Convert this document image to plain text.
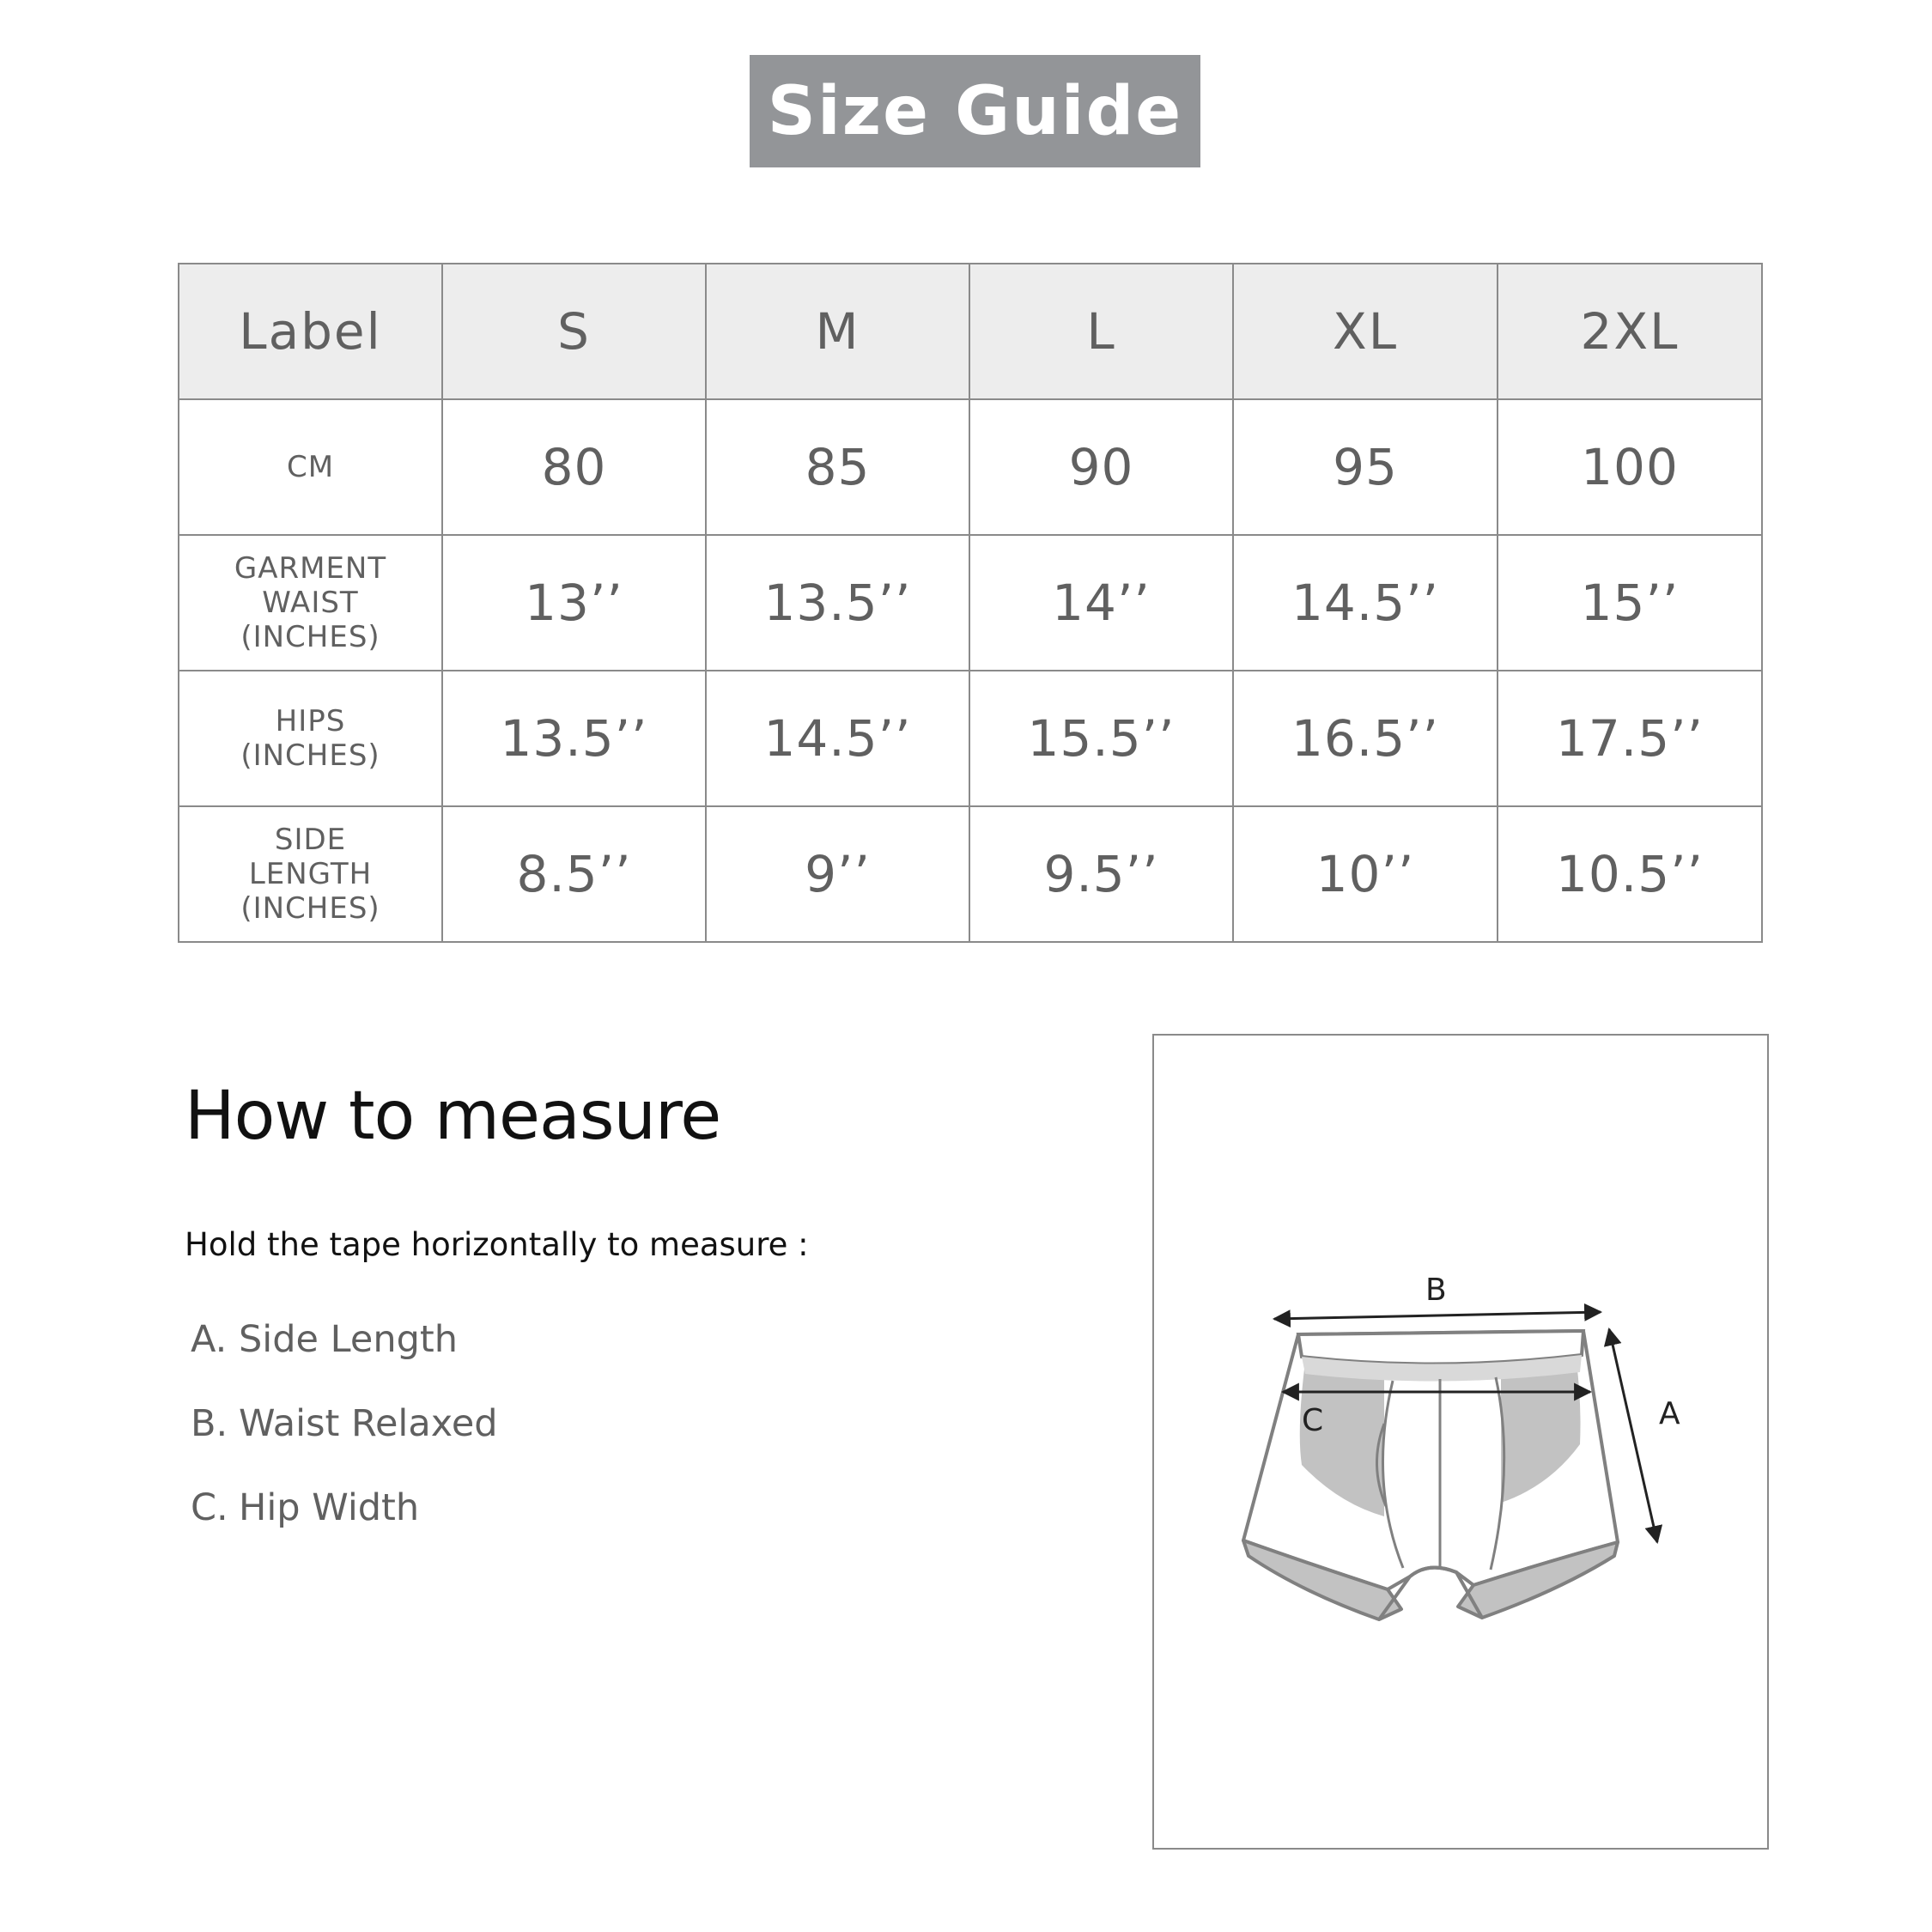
Size Guide
Label	S	M	L	XL	2XL
CM	80	85	90	95	100
GARMENT
WAIST
(INCHES)	13’’	13.5’’	14’’	14.5’’	15’’
HIPS
(INCHES)	13.5’’	14.5’’	15.5’’	16.5’’	17.5’’
SIDE
LENGTH
(INCHES)	8.5’’	9’’	9.5’’	10’’	10.5’’
How to measure
Hold the tape horizontally to measure :
A. Side Length
B. Waist Relaxed
C. Hip Width
B
C	A
